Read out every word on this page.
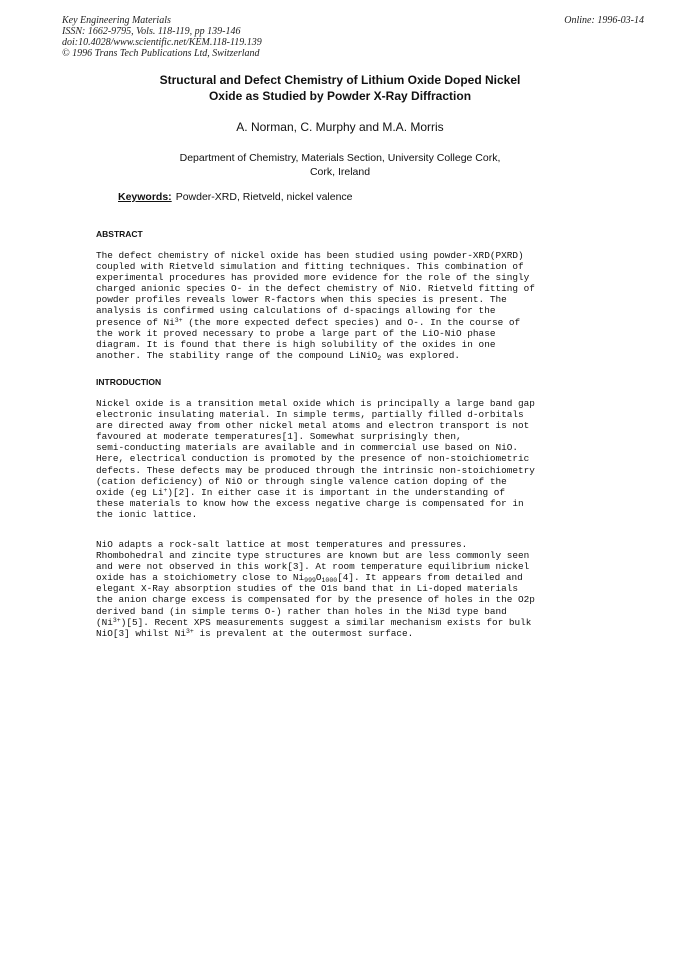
Key Engineering Materials
ISSN: 1662-9795, Vols. 118-119, pp 139-146
doi:10.4028/www.scientific.net/KEM.118-119.139
© 1996 Trans Tech Publications Ltd, Switzerland
Online: 1996-03-14
Structural and Defect Chemistry of Lithium Oxide Doped Nickel
Oxide as Studied by Powder X-Ray Diffraction
A. Norman, C. Murphy and M.A. Morris
Department of Chemistry, Materials Section, University College Cork,
Cork, Ireland
Keywords: Powder-XRD, Rietveld, nickel valence
ABSTRACT
The defect chemistry of nickel oxide has been studied using powder-XRD(PXRD)
coupled with Rietveld simulation and fitting techniques. This combination of
experimental procedures has provided more evidence for the role of the singly
charged anionic species O- in the defect chemistry of NiO. Rietveld fitting of
powder profiles reveals lower R-factors when this species is present. The
analysis is confirmed using calculations of d-spacings allowing for the
presence of $Ni^{3+}$ (the more expected defect species) and O-. In the course of
the work it proved necessary to probe a large part of the LiO-NiO phase
diagram. It is found that there is high solubility of the oxides in one
another. The stability range of the compound LiNiO$_2$ was explored.
INTRODUCTION
Nickel oxide is a transition metal oxide which is principally a large band gap
electronic insulating material. In simple terms, partially filled d-orbitals
are directed away from other nickel metal atoms and electron transport is not
favoured at moderate temperatures[1]. Somewhat surprisingly then,
semi-conducting materials are available and in commercial use based on NiO.
Here, electrical conduction is promoted by the presence of non-stoichiometric
defects. These defects may be produced through the intrinsic non-stoichiometry
(cation deficiency) of NiO or through single valence cation doping of the
oxide (eg Li+)[2]. In either case it is important in the understanding of
these materials to know how the excess negative charge is compensated for in
the ionic lattice.
NiO adapts a rock-salt lattice at most temperatures and pressures.
Rhombohedral and zincite type structures are known but are less commonly seen
and were not observed in this work[3]. At room temperature equilibrium nickel
oxide has a stoichiometry close to $Ni_{999}O_{1000}[4]$. It appears from detailed and
elegant X-Ray absorption studies of the O1s band that in Li-doped materials
the anion charge excess is compensated for by the presence of holes in the O2p
derived band (in simple terms O-) rather than holes in the Ni3d type band
$(Ni^{3+})[5]$. Recent XPS measurements suggest a similar mechanism exists for bulk
NiO[3] whilst $Ni^{3+}$ is prevalent at the outermost surface.
